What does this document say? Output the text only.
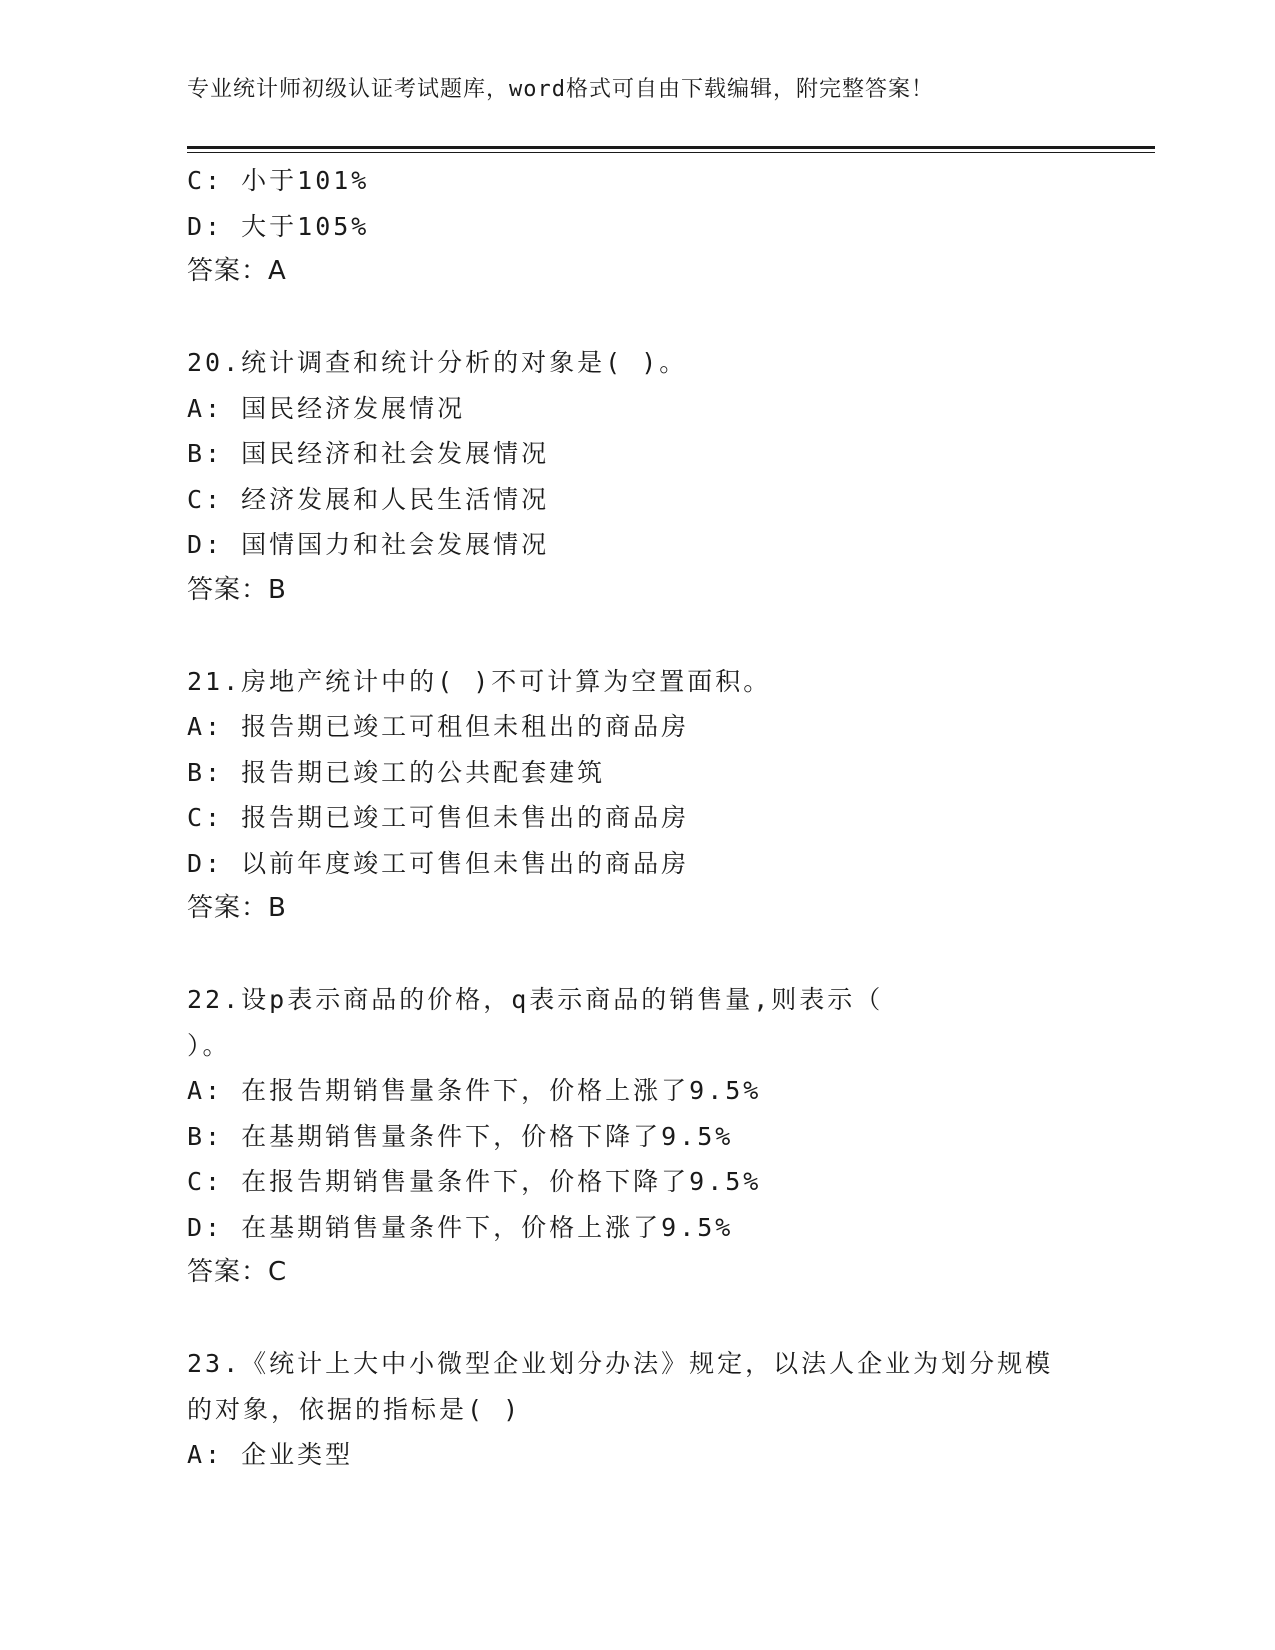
专业统计师初级认证考试题库，word格式可自由下载编辑，附完整答案！
C: 小于101%
D: 大于105%
答案：A
20.统计调查和统计分析的对象是( )。
A: 国民经济发展情况
B: 国民经济和社会发展情况
C: 经济发展和人民生活情况
D: 国情国力和社会发展情况
答案：B
21.房地产统计中的( )不可计算为空置面积。
A: 报告期已竣工可租但未租出的商品房
B: 报告期已竣工的公共配套建筑
C: 报告期已竣工可售但未售出的商品房
D: 以前年度竣工可售但未售出的商品房
答案：B
22.设p表示商品的价格，q表示商品的销售量,则表示（
）。
A: 在报告期销售量条件下，价格上涨了9.5%
B: 在基期销售量条件下，价格下降了9.5%
C: 在报告期销售量条件下，价格下降了9.5%
D: 在基期销售量条件下，价格上涨了9.5%
答案：C
23.《统计上大中小微型企业划分办法》规定，以法人企业为划分规模
的对象，依据的指标是( )
A: 企业类型
